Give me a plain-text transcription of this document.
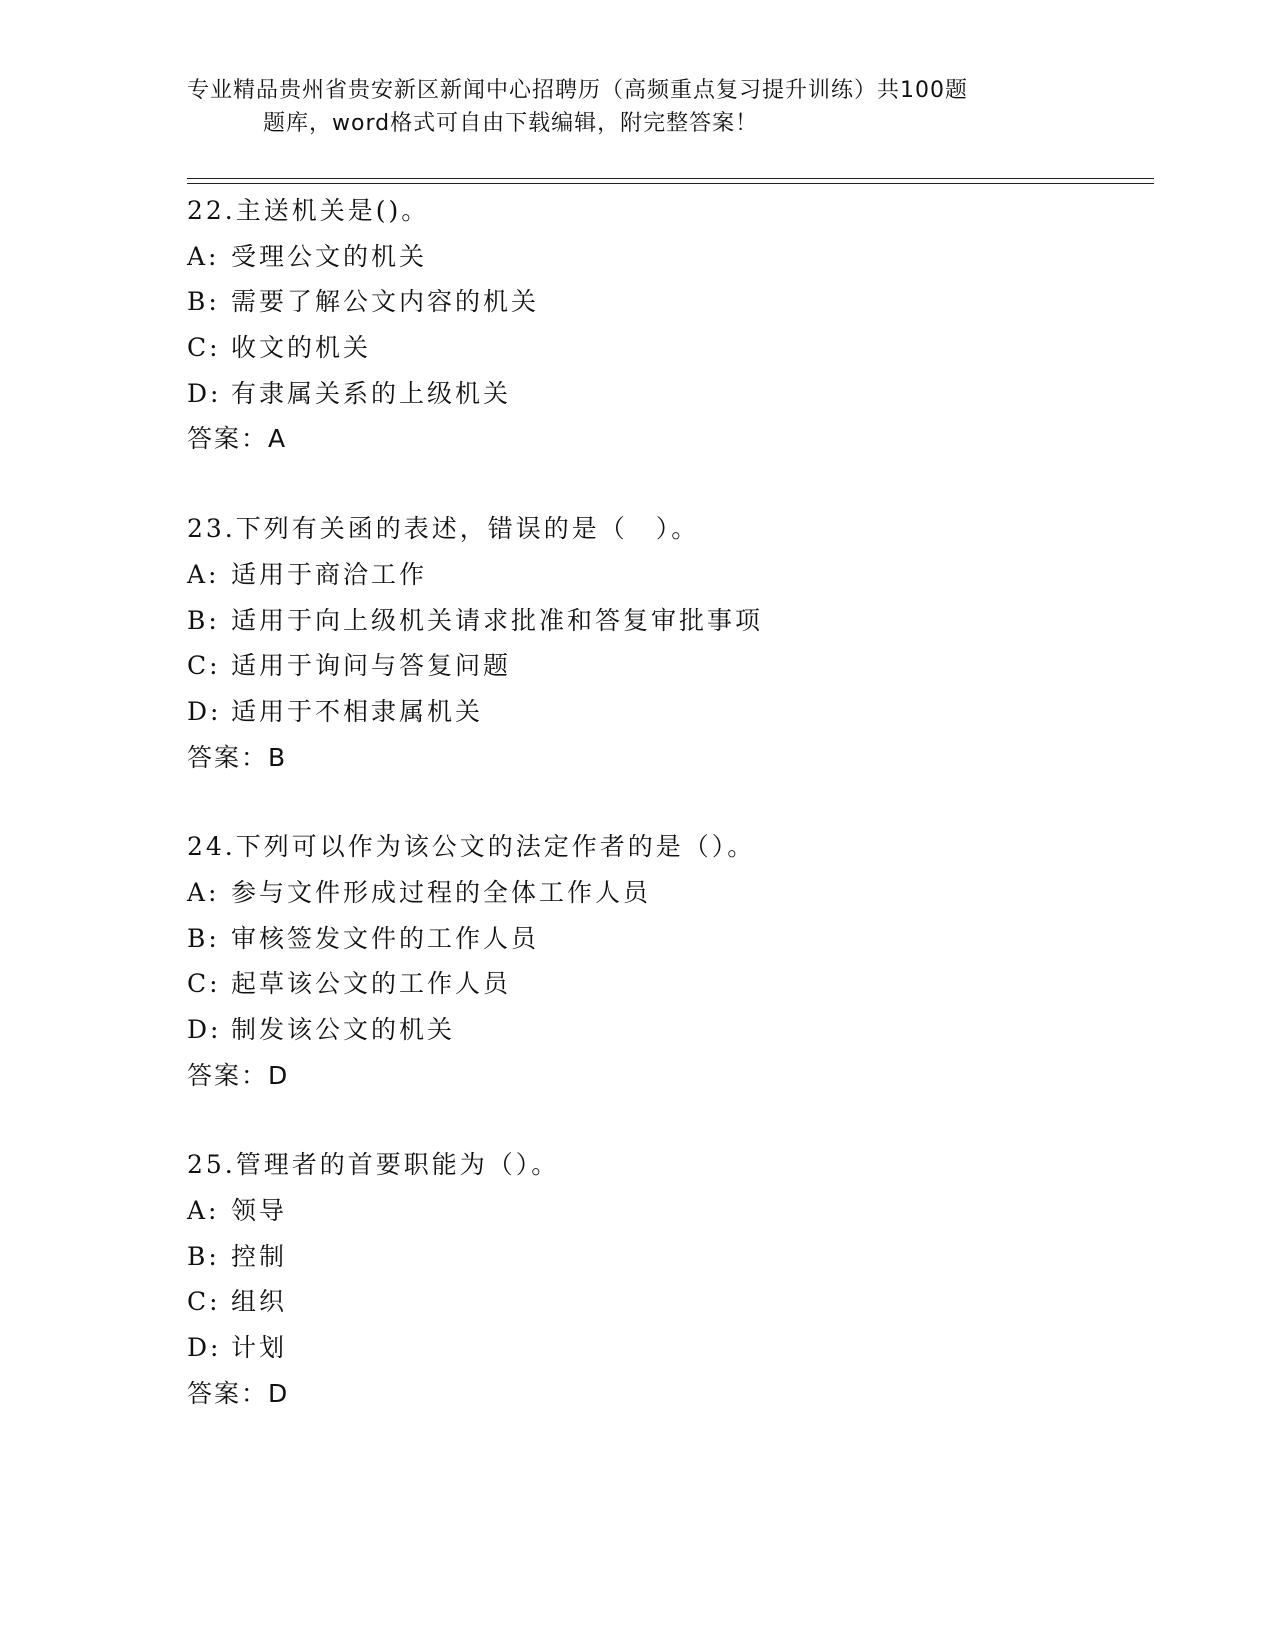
专业精品贵州省贵安新区新闻中心招聘历（高频重点复习提升训练）共100题
题库，word格式可自由下载编辑，附完整答案！
22.主送机关是()。
A: 受理公文的机关
B: 需要了解公文内容的机关
C: 收文的机关
D: 有隶属关系的上级机关
答案：A
23.下列有关函的表述，错误的是（　）。
A: 适用于商洽工作
B: 适用于向上级机关请求批准和答复审批事项
C: 适用于询问与答复问题
D: 适用于不相隶属机关
答案：B
24.下列可以作为该公文的法定作者的是（）。
A: 参与文件形成过程的全体工作人员
B: 审核签发文件的工作人员
C: 起草该公文的工作人员
D: 制发该公文的机关
答案：D
25.管理者的首要职能为（）。
A: 领导
B: 控制
C: 组织
D: 计划
答案：D
